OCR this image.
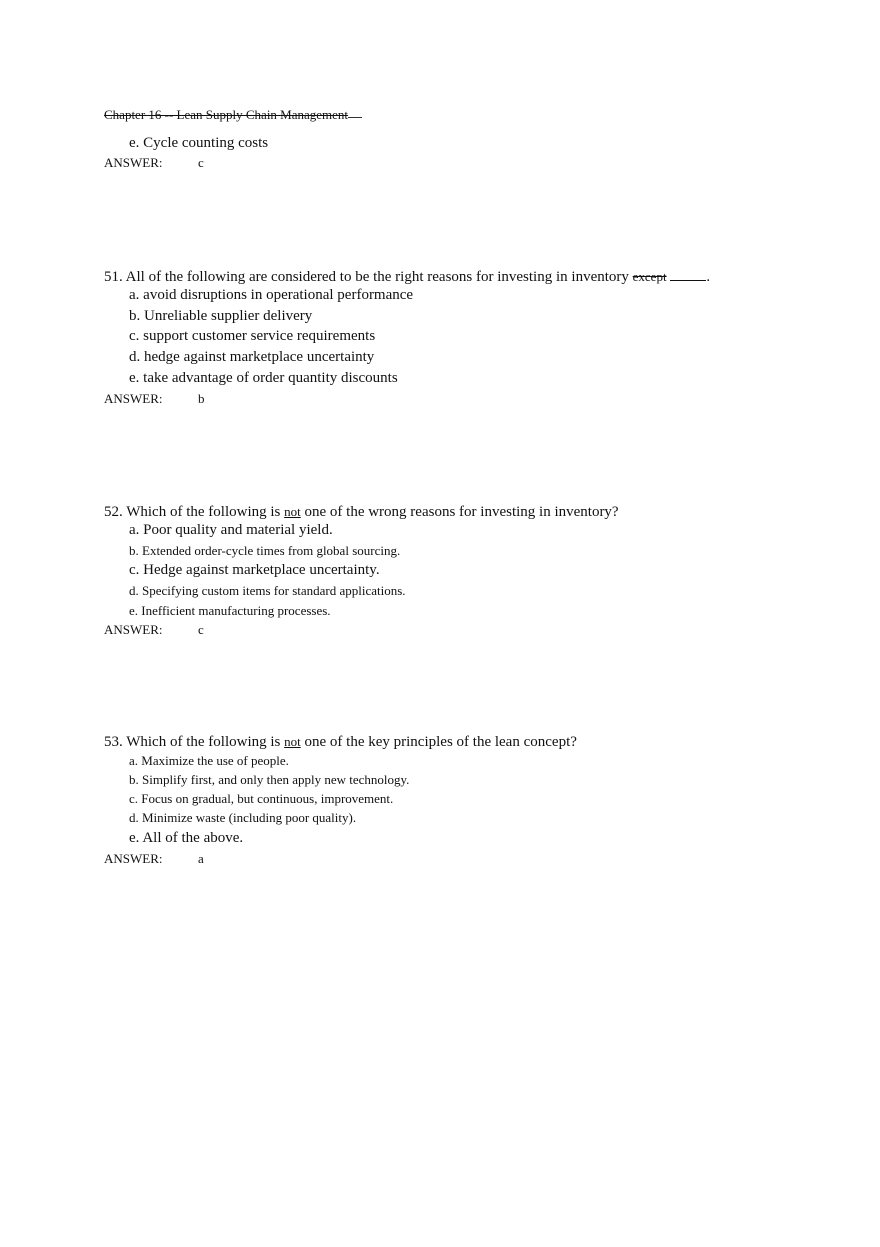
Chapter 16 -- Lean Supply Chain Management
e. Cycle counting costs
ANSWER:	c
51. All of the following are considered to be the right reasons for investing in inventory except	.
a. avoid disruptions in operational performance
b. Unreliable supplier delivery
c. support customer service requirements
d. hedge against marketplace uncertainty
e. take advantage of order quantity discounts
ANSWER:	b
52. Which of the following is not one of the wrong reasons for investing in inventory?
a. Poor quality and material yield.
b. Extended order-cycle times from global sourcing.
c. Hedge against marketplace uncertainty.
d. Specifying custom items for standard applications.
e. Inefficient manufacturing processes.
ANSWER:	c
53. Which of the following is not one of the key principles of the lean concept?
a. Maximize the use of people.
b. Simplify first, and only then apply new technology.
c. Focus on gradual, but continuous, improvement.
d. Minimize waste (including poor quality).
e. All of the above.
ANSWER:	a
